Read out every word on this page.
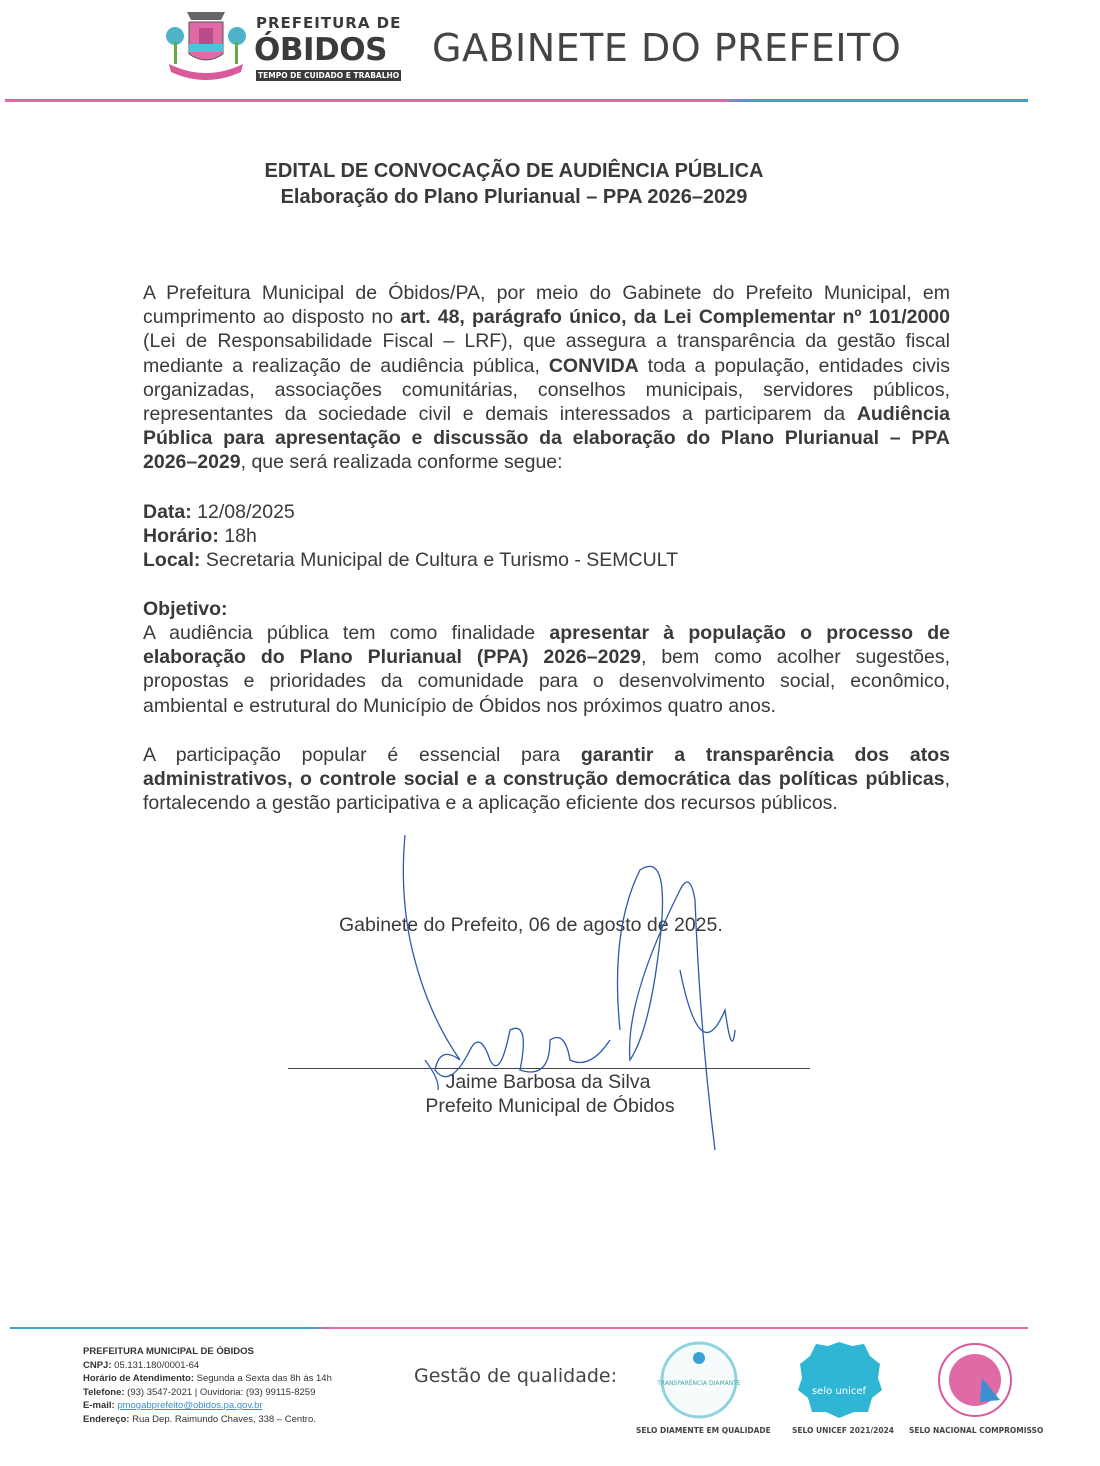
PREFEITURA DE
ÓBIDOS
TEMPO DE CUIDADO E TRABALHO
GABINETE DO PREFEITO
EDITAL DE CONVOCAÇÃO DE AUDIÊNCIA PÚBLICA
Elaboração do Plano Plurianual – PPA 2026–2029

A Prefeitura Municipal de Óbidos/PA, por meio do Gabinete do Prefeito Municipal, em cumprimento ao disposto no art. 48, parágrafo único, da Lei Complementar nº 101/2000 (Lei de Responsabilidade Fiscal – LRF), que assegura a transparência da gestão fiscal mediante a realização de audiência pública, CONVIDA toda a população, entidades civis organizadas, associações comunitárias, conselhos municipais, servidores públicos, representantes da sociedade civil e demais interessados a participarem da Audiência Pública para apresentação e discussão da elaboração do Plano Plurianual – PPA 2026–2029, que será realizada conforme segue:

Data: 12/08/2025
Horário: 18h
Local: Secretaria Municipal de Cultura e Turismo - SEMCULT
Objetivo:

A audiência pública tem como finalidade apresentar à população o processo de elaboração do Plano Plurianual (PPA) 2026–2029, bem como acolher sugestões, propostas e prioridades da comunidade para o desenvolvimento social, econômico, ambiental e estrutural do Município de Óbidos nos próximos quatro anos.

A participação popular é essencial para garantir a transparência dos atos administrativos, o controle social e a construção democrática das políticas públicas, fortalecendo a gestão participativa e a aplicação eficiente dos recursos públicos.

Gabinete do Prefeito, 06 de agosto de 2025.
Jaime Barbosa da Silva
Prefeito Municipal de Óbidos
PREFEITURA MUNICIPAL DE ÓBIDOS
CNPJ: 05.131.180/0001-64
Horário de Atendimento: Segunda a Sexta das 8h às 14h
Telefone: (93) 3547-2021 | Ouvidoria: (93) 99115-8259
E-mail: pmogabprefeito@obidos.pa.gov.br
Endereço: Rua Dep. Raimundo Chaves, 338 – Centro.
Gestão de qualidade:	TRANSPARÊNCIA DIAMANTE
selo unicef
SELO DIAMENTE EM QUALIDADE	SELO UNICEF 2021/2024 SELO NACIONAL COMPROMISSO
